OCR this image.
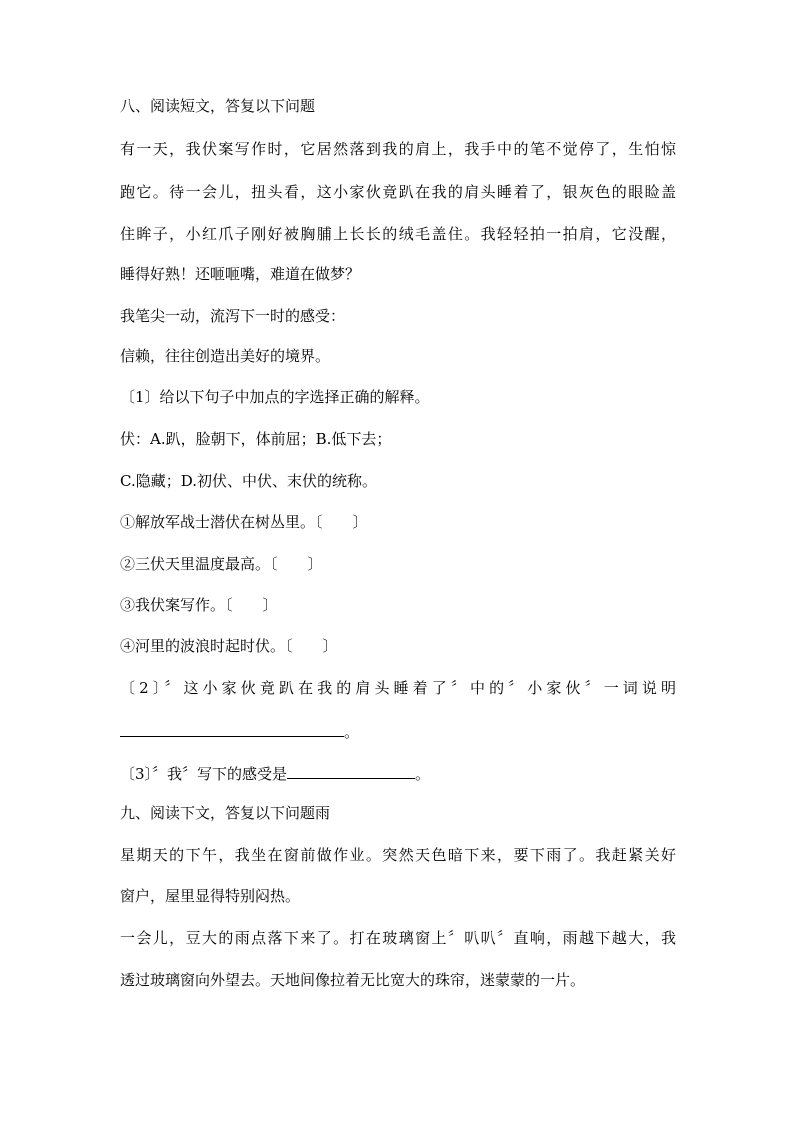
八、阅读短文，答复以下问题
有一天，我伏案写作时，它居然落到我的肩上，我手中的笔不觉停了，生怕惊
跑它。待一会儿，扭头看，这小家伙竟趴在我的肩头睡着了，银灰色的眼睑盖
住眸子，小红爪子刚好被胸脯上长长的绒毛盖住。我轻轻拍一拍肩，它没醒，
睡得好熟！还咂咂嘴，难道在做梦？
我笔尖一动，流泻下一时的感受：
信赖，往往创造出美好的境界。
〔1〕给以下句子中加点的字选择正确的解释。
伏：A.趴，脸朝下，体前屈；B.低下去；
C.隐藏；D.初伏、中伏、末伏的统称。
①解放军战士潜伏在树丛里。〔　　〕
②三伏天里温度最高。〔　　〕
③我伏案写作。〔　　〕
④河里的波浪时起时伏。〔　　〕
〔2〕〞这小家伙竟趴在我的肩头睡着了〞中的〞小家伙〞一词说明
。
〔3〕〞我〞写下的感受是	。
九、阅读下文，答复以下问题雨
星期天的下午，我坐在窗前做作业。突然天色暗下来，要下雨了。我赶紧关好
窗户，屋里显得特别闷热。
一会儿，豆大的雨点落下来了。打在玻璃窗上〞叭叭〞直响，雨越下越大，我
透过玻璃窗向外望去。天地间像拉着无比宽大的珠帘，迷蒙蒙的一片。
